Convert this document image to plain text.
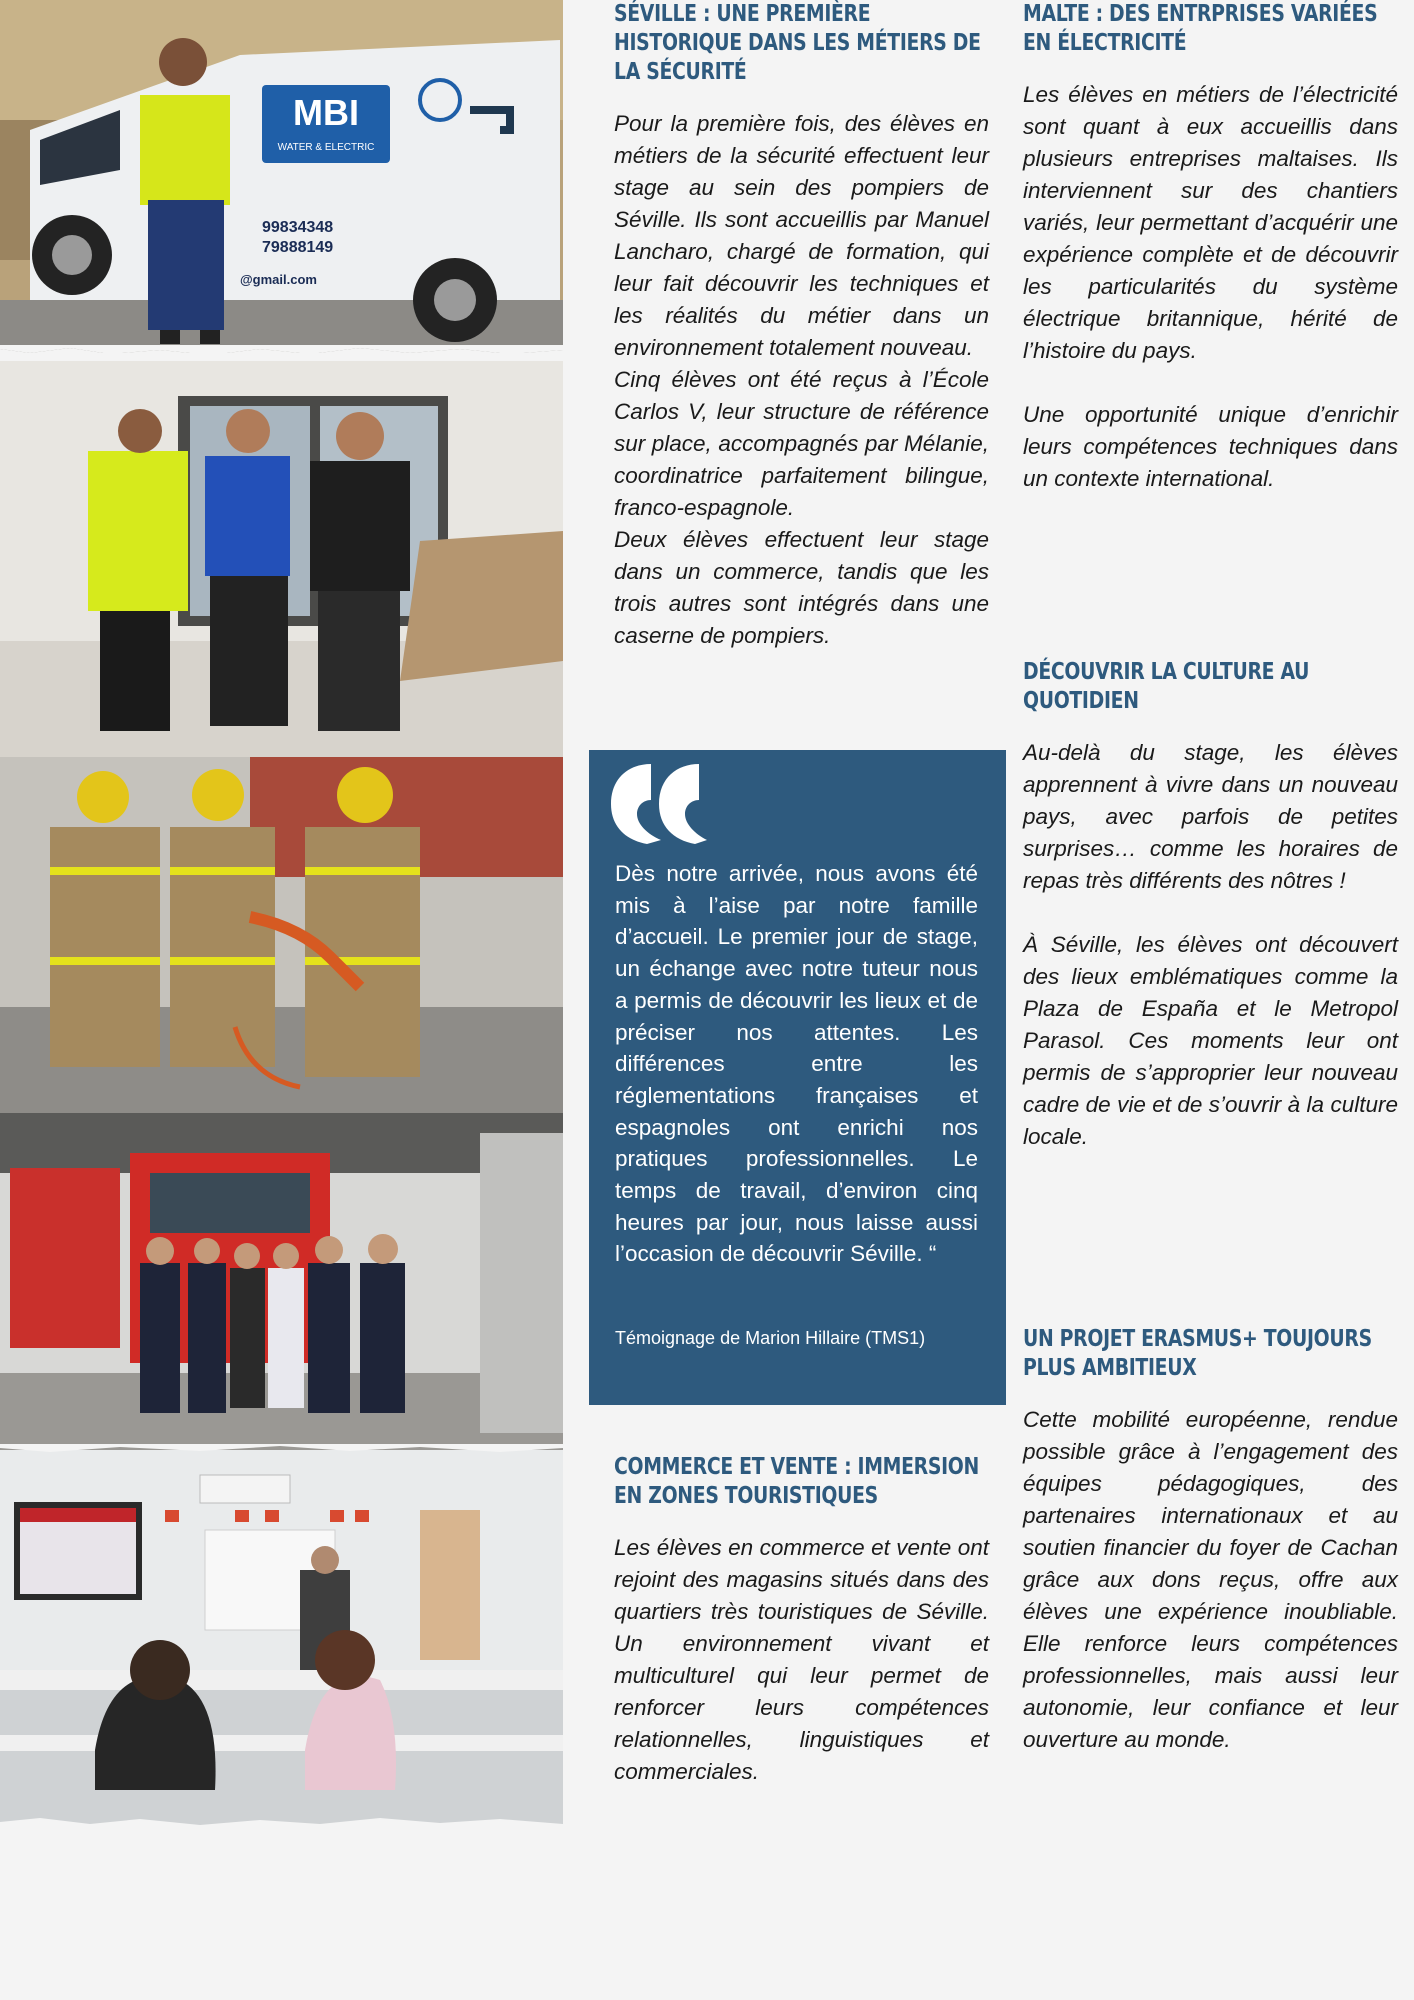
MBI
WATER & ELECTRIC
99834348
79888149
@gmail.com
SÉVILLE : UNE PREMIÈRE HISTORIQUE DANS LES MÉTIERS DE LA SÉCURITÉ

Pour la première fois, des élèves en métiers de la sécurité effectuent leur stage au sein des pompiers de Séville. Ils sont accueillis par Manuel Lancharo, chargé de formation, qui leur fait découvrir les techniques et les réalités du métier dans un environnement totalement nouveau.

Cinq élèves ont été reçus à l’École Carlos V, leur structure de référence sur place, accompagnés par Mélanie, coordinatrice parfaitement bilingue, franco-espagnole.

Deux élèves effectuent leur stage dans un commerce, tandis que les trois autres sont intégrés dans une caserne de pompiers.

Dès notre arrivée, nous avons été mis à l’aise par notre famille d’accueil. Le premier jour de stage, un échange avec notre tuteur nous a permis de découvrir les lieux et de préciser nos attentes. Les différences entre les réglementations françaises et espagnoles ont enrichi nos pratiques professionnelles. Le temps de travail, d’environ cinq heures par jour, nous laisse aussi l’occasion de découvrir Séville. “

Témoignage de Marion Hillaire (TMS1)

COMMERCE ET VENTE : IMMERSION EN ZONES TOURISTIQUES

Les élèves en commerce et vente ont rejoint des magasins situés dans des quartiers très touristiques de Séville. Un environnement vivant et multiculturel qui leur permet de renforcer leurs compétences relationnelles, linguistiques et commerciales.

MALTE : DES ENTRPRISES VARIÉES EN ÉLECTRICITÉ

Les élèves en métiers de l’électricité sont quant à eux accueillis dans plusieurs entreprises maltaises. Ils interviennent sur des chantiers variés, leur permettant d’acquérir une expérience complète et de découvrir les particularités du système électrique britannique, hérité de l’histoire du pays.

Une opportunité unique d’enrichir leurs compétences techniques dans un contexte international.

DÉCOUVRIR LA CULTURE AU QUOTIDIEN

Au-delà du stage, les élèves apprennent à vivre dans un nouveau pays, avec parfois de petites surprises… comme les horaires de repas très différents des nôtres !

À Séville, les élèves ont découvert des lieux emblématiques comme la Plaza de España et le Metropol Parasol. Ces moments leur ont permis de s’approprier leur nouveau cadre de vie et de s’ouvrir à la culture locale.

UN PROJET ERASMUS+ TOUJOURS PLUS AMBITIEUX

Cette mobilité européenne, rendue possible grâce à l’engagement des équipes pédagogiques, des partenaires internationaux et au soutien financier du foyer de Cachan grâce aux dons reçus, offre aux élèves une expérience inoubliable. Elle renforce leurs compétences professionnelles, mais aussi leur autonomie, leur confiance et leur ouverture au monde.
